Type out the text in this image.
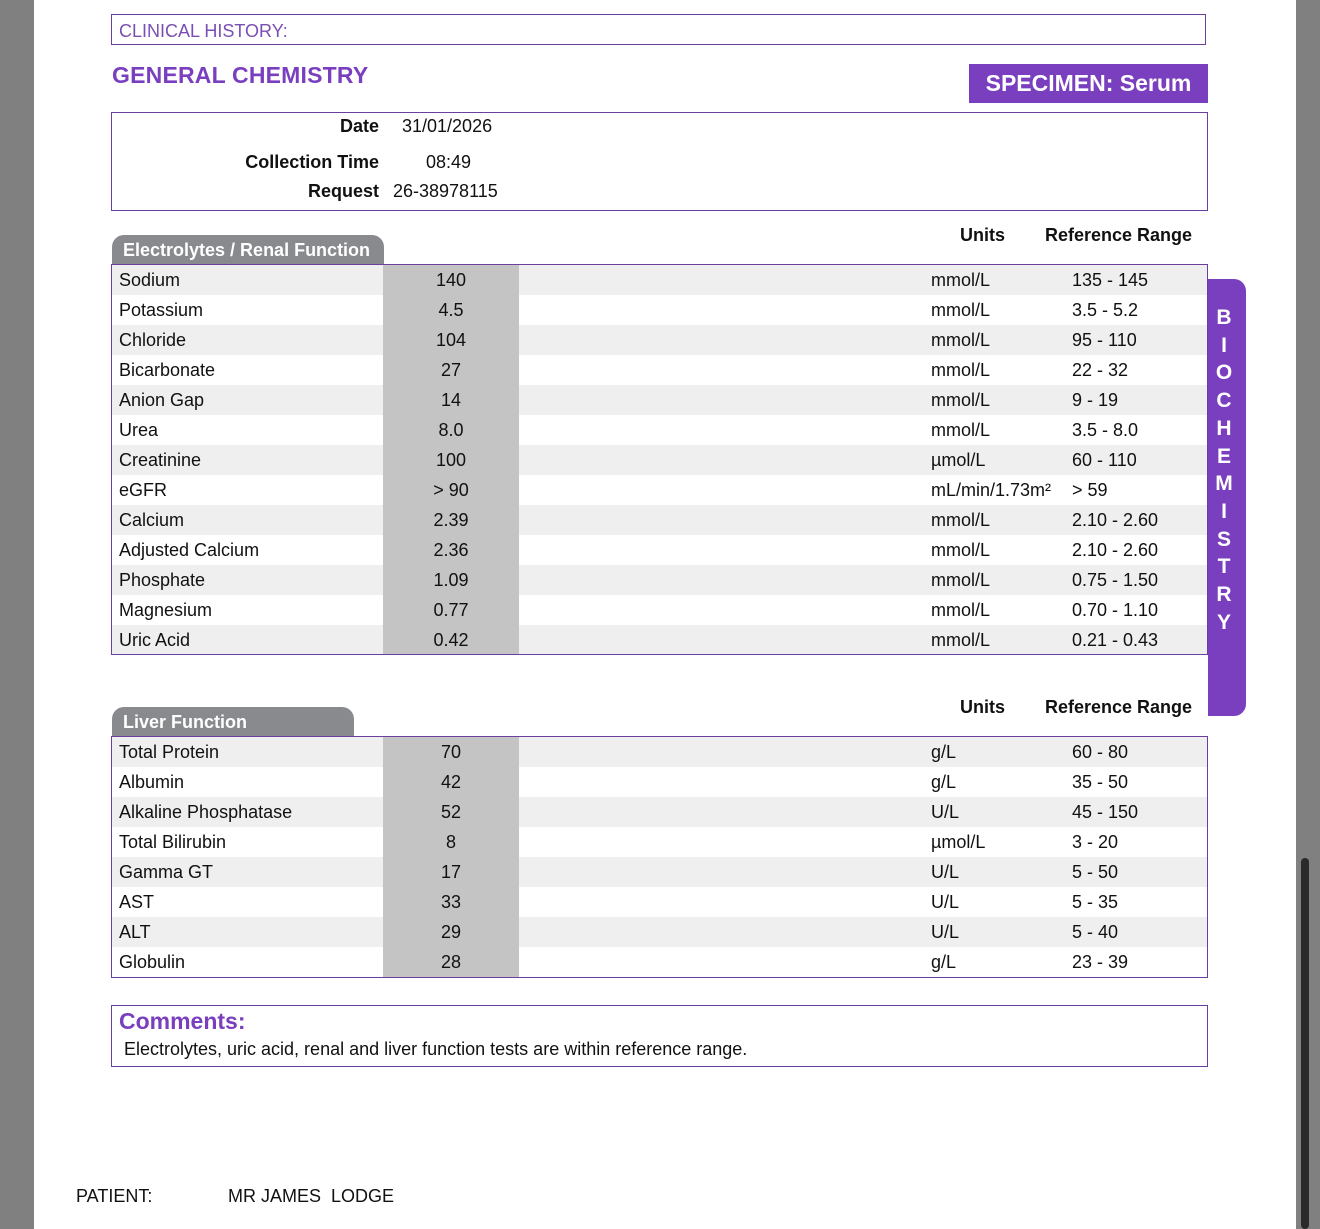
CLINICAL HISTORY:
GENERAL CHEMISTRY	SPECIMEN: Serum
Date 31/01/2026
Collection Time	08:49
Request 26-38978115
Units Reference Range
Electrolytes / Renal Function
Sodium	140	mmol/L	135 - 145
Potassium	4.5	mmol/L	3.5 - 5.2
Chloride	104	mmol/L	95 - 110
Bicarbonate	27	mmol/L	22 - 32
Anion Gap	14	mmol/L	9 - 19
Urea	8.0	mmol/L	3.5 - 8.0
Creatinine	100	µmol/L	60 - 110
eGFR	> 90	mL/min/1.73m² > 59
Calcium	2.39	mmol/L	2.10 - 2.60
Adjusted Calcium	2.36	mmol/L	2.10 - 2.60
Phosphate	1.09	mmol/L	0.75 - 1.50
Magnesium	0.77	mmol/L	0.70 - 1.10
Uric Acid	0.42	mmol/L	0.21 - 0.43
B
I
O
C
H
E
M
I
S
T
R
Y
Units Reference Range
Liver Function
Total Protein	70	g/L	60 - 80
Albumin	42	g/L	35 - 50
Alkaline Phosphatase	52	U/L	45 - 150
Total Bilirubin	8	µmol/L	3 - 20
Gamma GT	17	U/L	5 - 50
AST	33	U/L	5 - 35
ALT	29	U/L	5 - 40
Globulin	28	g/L	23 - 39
Comments:
Electrolytes, uric acid, renal and liver function tests are within reference range.
PATIENT:	MR JAMES  LODGE
